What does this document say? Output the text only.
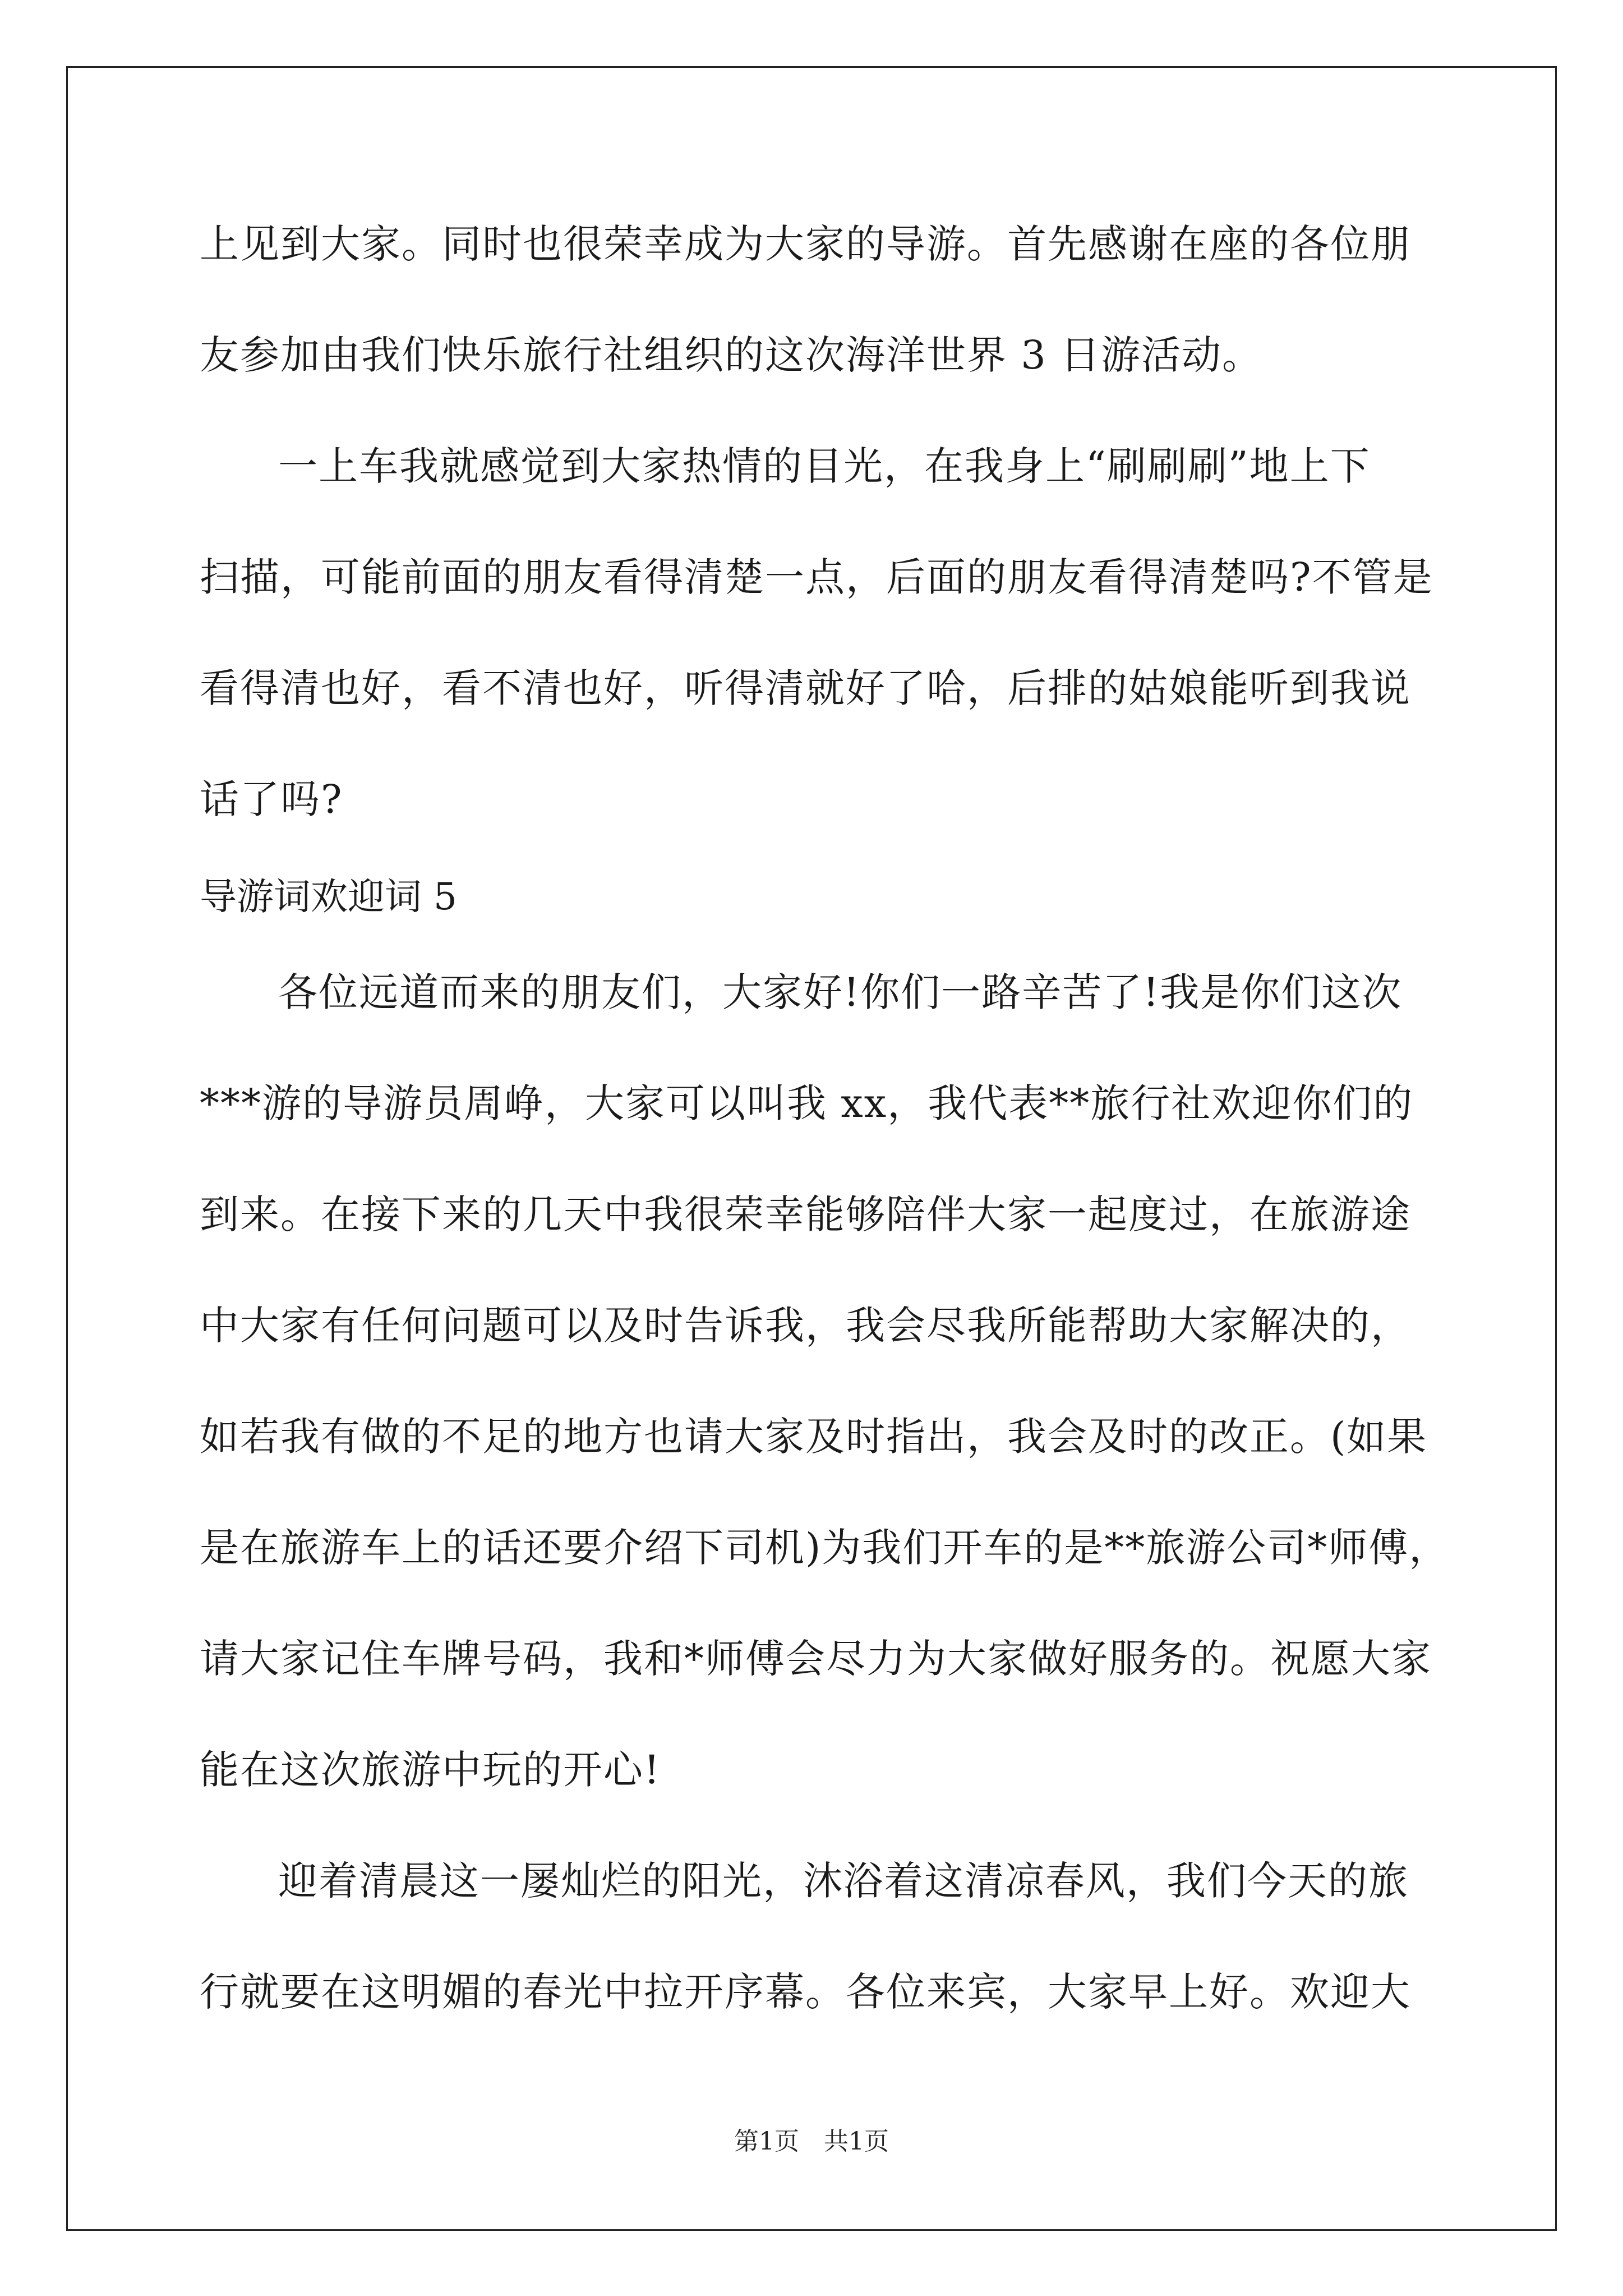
上见到大家。同时也很荣幸成为大家的导游。首先感谢在座的各位朋
友参加由我们快乐旅行社组织的这次海洋世界 3 日游活动。
一上车我就感觉到大家热情的目光，在我身上“刷刷刷”地上下
扫描，可能前面的朋友看得清楚一点，后面的朋友看得清楚吗?不管是
看得清也好，看不清也好，听得清就好了哈，后排的姑娘能听到我说
话了吗?
导游词欢迎词 5
各位远道而来的朋友们，大家好!你们一路辛苦了!我是你们这次
***游的导游员周峥，大家可以叫我 xx，我代表**旅行社欢迎你们的
到来。在接下来的几天中我很荣幸能够陪伴大家一起度过，在旅游途
中大家有任何问题可以及时告诉我，我会尽我所能帮助大家解决的，
如若我有做的不足的地方也请大家及时指出，我会及时的改正。(如果
是在旅游车上的话还要介绍下司机)为我们开车的是**旅游公司*师傅，
请大家记住车牌号码，我和*师傅会尽力为大家做好服务的。祝愿大家
能在这次旅游中玩的开心!
迎着清晨这一屡灿烂的阳光，沐浴着这清凉春风，我们今天的旅
行就要在这明媚的春光中拉开序幕。各位来宾，大家早上好。欢迎大
第1页　共1页
